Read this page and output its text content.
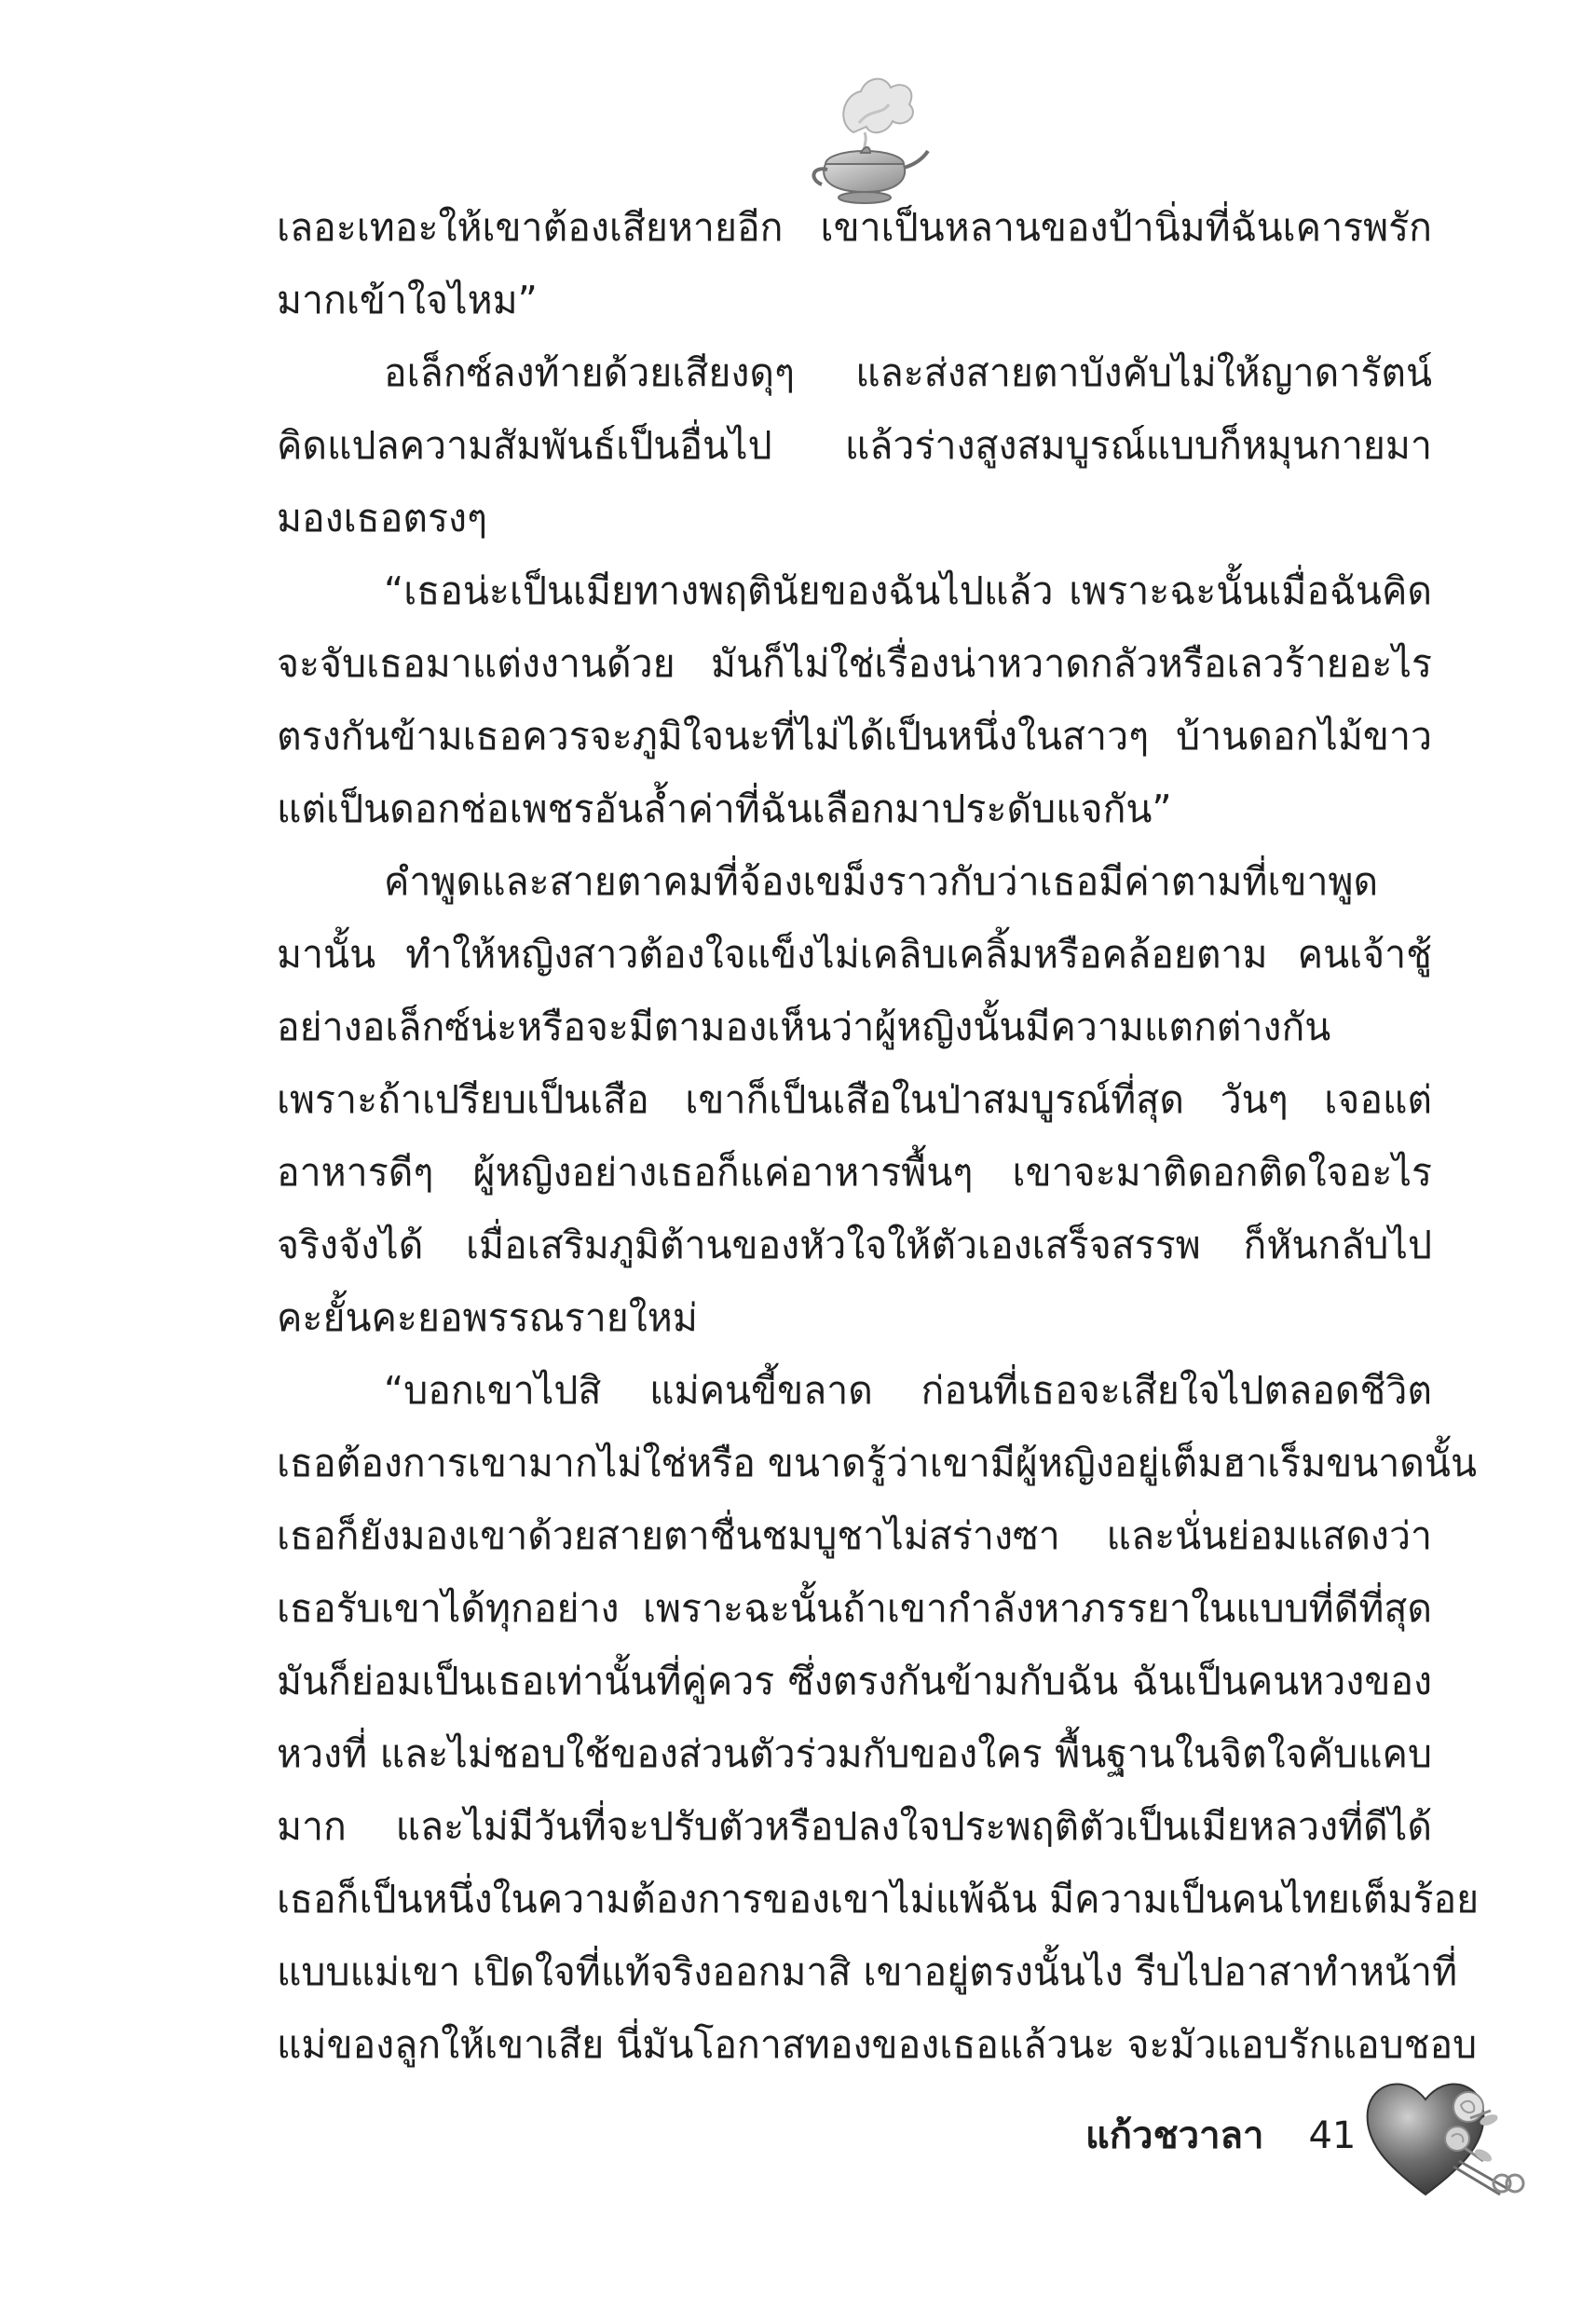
เลอะเทอะให้เขาต้องเสียหายอีก เขาเป็นหลานของป้านิ่มที่ฉันเคารพรัก
มากเข้าใจไหม”
อเล็กซ์ลงท้ายด้วยเสียงดุๆ และส่งสายตาบังคับไม่ให้ญาดารัตน์
คิดแปลความสัมพันธ์เป็นอื่นไป แล้วร่างสูงสมบูรณ์แบบก็หมุนกายมา
มองเธอตรงๆ
“เธอน่ะเป็นเมียทางพฤตินัยของฉันไปแล้ว เพราะฉะนั้นเมื่อฉันคิด
จะจับเธอมาแต่งงานด้วย มันก็ไม่ใช่เรื่องน่าหวาดกลัวหรือเลวร้ายอะไร
ตรงกันข้ามเธอควรจะภูมิใจนะที่ไม่ได้เป็นหนึ่งในสาวๆ บ้านดอกไม้ขาว
แต่เป็นดอกช่อเพชรอันล้ำค่าที่ฉันเลือกมาประดับแจกัน”
คำพูดและสายตาคมที่จ้องเขม็งราวกับว่าเธอมีค่าตามที่เขาพูด
มานั้น ทำให้หญิงสาวต้องใจแข็งไม่เคลิบเคลิ้มหรือคล้อยตาม คนเจ้าชู้
อย่างอเล็กซ์น่ะหรือจะมีตามองเห็นว่าผู้หญิงนั้นมีความแตกต่างกัน
เพราะถ้าเปรียบเป็นเสือ เขาก็เป็นเสือในป่าสมบูรณ์ที่สุด วันๆ เจอแต่
อาหารดีๆ ผู้หญิงอย่างเธอก็แค่อาหารพื้นๆ เขาจะมาติดอกติดใจอะไร
จริงจังได้ เมื่อเสริมภูมิต้านของหัวใจให้ตัวเองเสร็จสรรพ ก็หันกลับไป
คะยั้นคะยอพรรณรายใหม่
“บอกเขาไปสิ แม่คนขี้ขลาด ก่อนที่เธอจะเสียใจไปตลอดชีวิต
เธอต้องการเขามากไม่ใช่หรือ ขนาดรู้ว่าเขามีผู้หญิงอยู่เต็มฮาเร็มขนาดนั้น
เธอก็ยังมองเขาด้วยสายตาชื่นชมบูชาไม่สร่างซา และนั่นย่อมแสดงว่า
เธอรับเขาได้ทุกอย่าง เพราะฉะนั้นถ้าเขากำลังหาภรรยาในแบบที่ดีที่สุด
มันก็ย่อมเป็นเธอเท่านั้นที่คู่ควร ซึ่งตรงกันข้ามกับฉัน ฉันเป็นคนหวงของ
หวงที่ และไม่ชอบใช้ของส่วนตัวร่วมกับของใคร พื้นฐานในจิตใจคับแคบ
มาก และไม่มีวันที่จะปรับตัวหรือปลงใจประพฤติตัวเป็นเมียหลวงที่ดีได้
เธอก็เป็นหนึ่งในความต้องการของเขาไม่แพ้ฉัน มีความเป็นคนไทยเต็มร้อย
แบบแม่เขา เปิดใจที่แท้จริงออกมาสิ เขาอยู่ตรงนั้นไง รีบไปอาสาทำหน้าที่
แม่ของลูกให้เขาเสีย นี่มันโอกาสทองของเธอแล้วนะ จะมัวแอบรักแอบชอบ
แก้วชวาลา 41
